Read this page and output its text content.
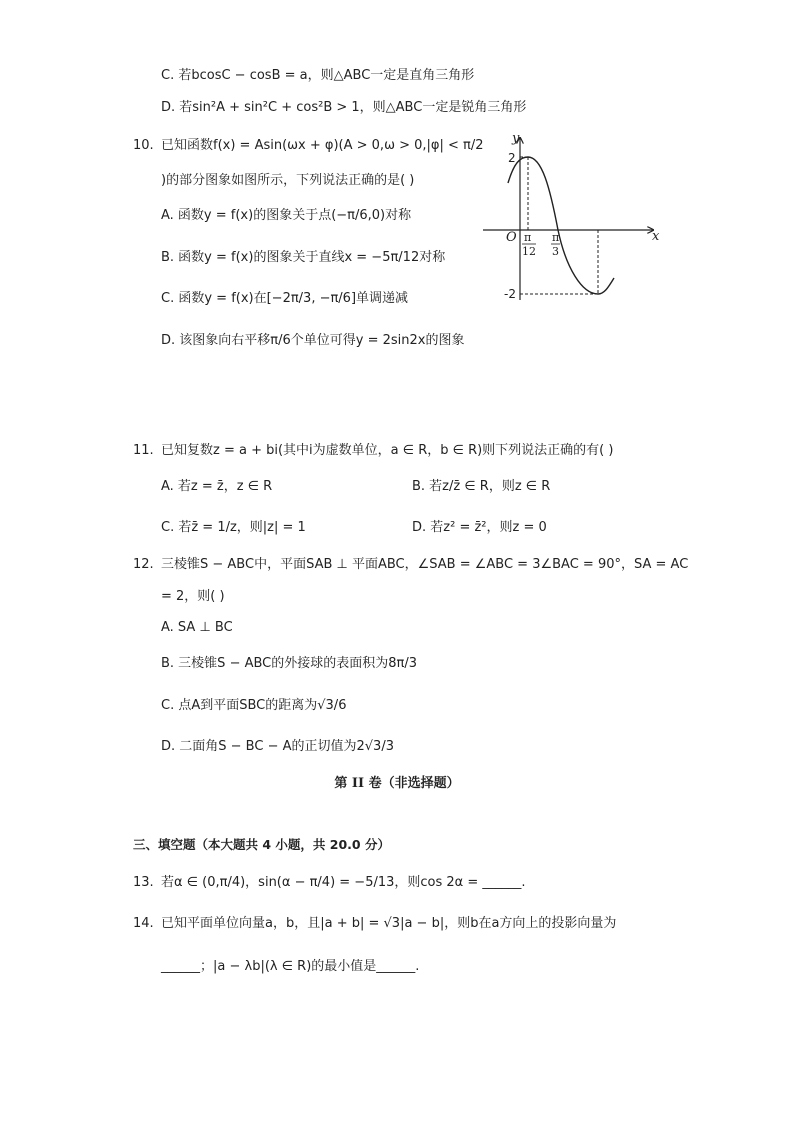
C. 若bcosC − cosB = a，则△ABC一定是直角三角形
D. 若sin²A + sin²C + cos²B > 1，则△ABC一定是锐角三角形
10. 已知函数f(x) = Asin(ωx + φ)(A > 0,ω > 0,|φ| < π/2
)的部分图象如图所示，下列说法正确的是( )
A. 函数y = f(x)的图象关于点(−π/6,0)对称
B. 函数y = f(x)的图象关于直线x = −5π/12对称
C. 函数y = f(x)在[−2π/3, −π/6]单调递减
D. 该图象向右平移π/6个单位可得y = 2sin2x的图象
y
x
O
2
-2
π
12
π
3
11. 已知复数z = a + bi(其中i为虚数单位，a ∈ R，b ∈ R)则下列说法正确的有( )
A. 若z = z̄，z ∈ R	B. 若z/z̄ ∈ R，则z ∈ R
C. 若z̄ = 1/z，则|z| = 1	D. 若z² = z̄²，则z = 0
12. 三棱锥S − ABC中，平面SAB ⊥ 平面ABC，∠SAB = ∠ABC = 3∠BAC = 90°，SA = AC
= 2，则( )
A. SA ⊥ BC
B. 三棱锥S − ABC的外接球的表面积为8π/3
C. 点A到平面SBC的距离为√3/6
D. 二面角S − BC − A的正切值为2√3/3
第 II 卷（非选择题）
三、填空题（本大题共 4 小题，共 20.0 分）
13. 若α ∈ (0,π/4)，sin(α − π/4) = −5/13，则cos 2α = ______.
14. 已知平面单位向量a，b，且|a + b| = √3|a − b|，则b在a方向上的投影向量为
______；|a − λb|(λ ∈ R)的最小值是______.
